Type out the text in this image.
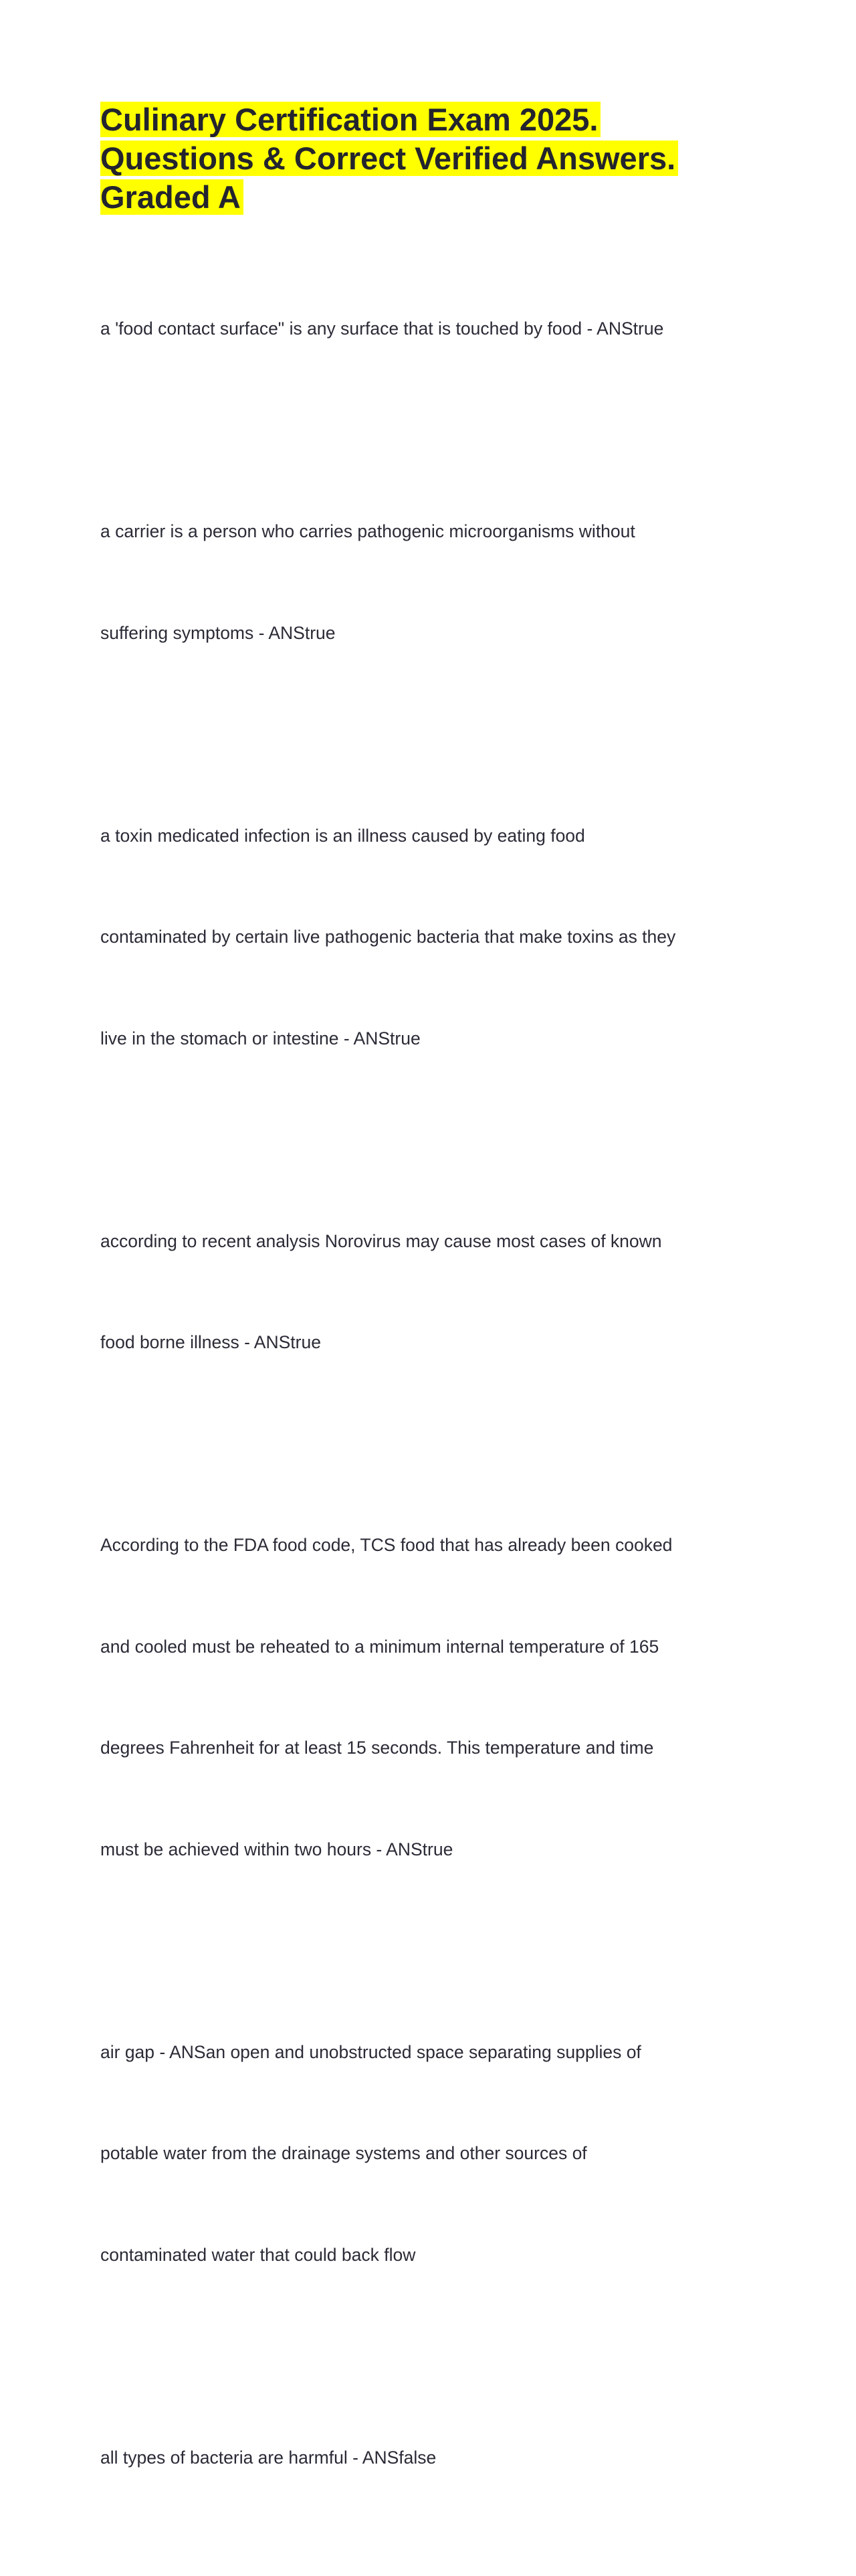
Culinary Certification Exam 2025.
Questions & Correct Verified Answers.
Graded A

a 'food contact surface" is any surface that is touched by food - ANStrue

a carrier is a person who carries pathogenic microorganisms without

suffering symptoms - ANStrue

a toxin medicated infection is an illness caused by eating food

contaminated by certain live pathogenic bacteria that make toxins as they

live in the stomach or intestine - ANStrue

according to recent analysis Norovirus may cause most cases of known

food borne illness - ANStrue

According to the FDA food code, TCS food that has already been cooked

and cooled must be reheated to a minimum internal temperature of 165

degrees Fahrenheit for at least 15 seconds. This temperature and time

must be achieved within two hours - ANStrue

air gap - ANSan open and unobstructed space separating supplies of

potable water from the drainage systems and other sources of

contaminated water that could back flow

all types of bacteria are harmful - ANSfalse
